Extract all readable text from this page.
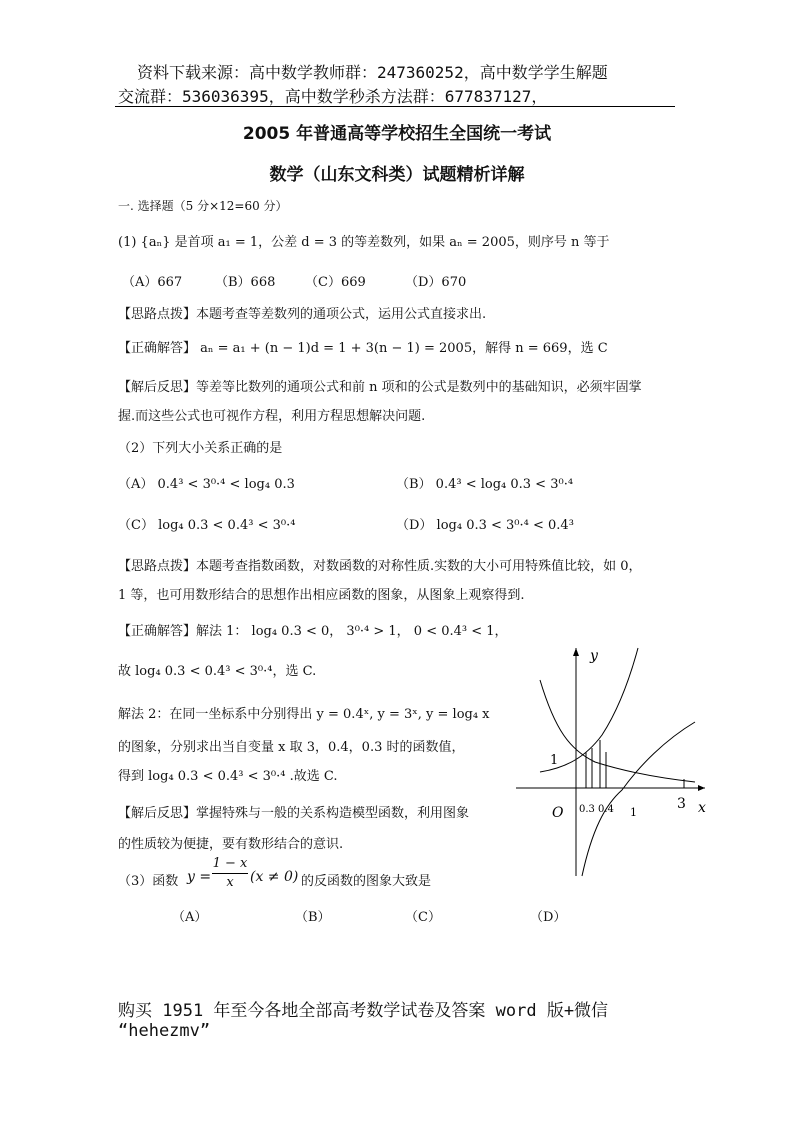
资料下载来源：高中数学教师群：247360252，高中数学学生解题
交流群：536036395，高中数学秒杀方法群：677837127，
2005 年普通高等学校招生全国统一考试
数学（山东文科类）试题精析详解
一. 选择题（5 分×12=60 分）
(1) {aₙ} 是首项 a₁ = 1，公差 d = 3 的等差数列，如果 aₙ = 2005，则序号 n 等于
（A）667	（B）668 （C）669	（D）670
【思路点拨】本题考查等差数列的通项公式，运用公式直接求出.
【正确解答】 aₙ = a₁ + (n − 1)d = 1 + 3(n − 1) = 2005，解得 n = 669，选 C
【解后反思】等差等比数列的通项公式和前 n 项和的公式是数列中的基础知识，必须牢固掌
握.而这些公式也可视作方程，利用方程思想解决问题.
（2）下列大小关系正确的是
（A） 0.4³ < 3⁰·⁴ < log₄ 0.3	（B） 0.4³ < log₄ 0.3 < 3⁰·⁴
（C） log₄ 0.3 < 0.4³ < 3⁰·⁴	（D） log₄ 0.3 < 3⁰·⁴ < 0.4³
【思路点拨】本题考查指数函数，对数函数的对称性质.实数的大小可用特殊值比较，如 0，
1 等，也可用数形结合的思想作出相应函数的图象，从图象上观察得到.
【正确解答】解法 1： log₄ 0.3 < 0， 3⁰·⁴ > 1， 0 < 0.4³ < 1，
故 log₄ 0.3 < 0.4³ < 3⁰·⁴，选 C.
解法 2：在同一坐标系中分别得出 y = 0.4ˣ, y = 3ˣ, y = log₄ x
的图象，分别求出当自变量 x 取 3，0.4，0.3 时的函数值，
得到 log₄ 0.3 < 0.4³ < 3⁰·⁴ .故选 C.
【解后反思】掌握特殊与一般的关系构造模型函数，利用图象
的性质较为便捷，要有数形结合的意识.
y
x
O
1
0.3 0.4 1
3
（3）函数 $y = \frac{1 - x}{x} (x \ne 0)$ 的反函数的图象大致是
（A）	（B）	（C）	（D）
购买 1951 年至今各地全部高考数学试卷及答案 word 版+微信
“hehezmv”
